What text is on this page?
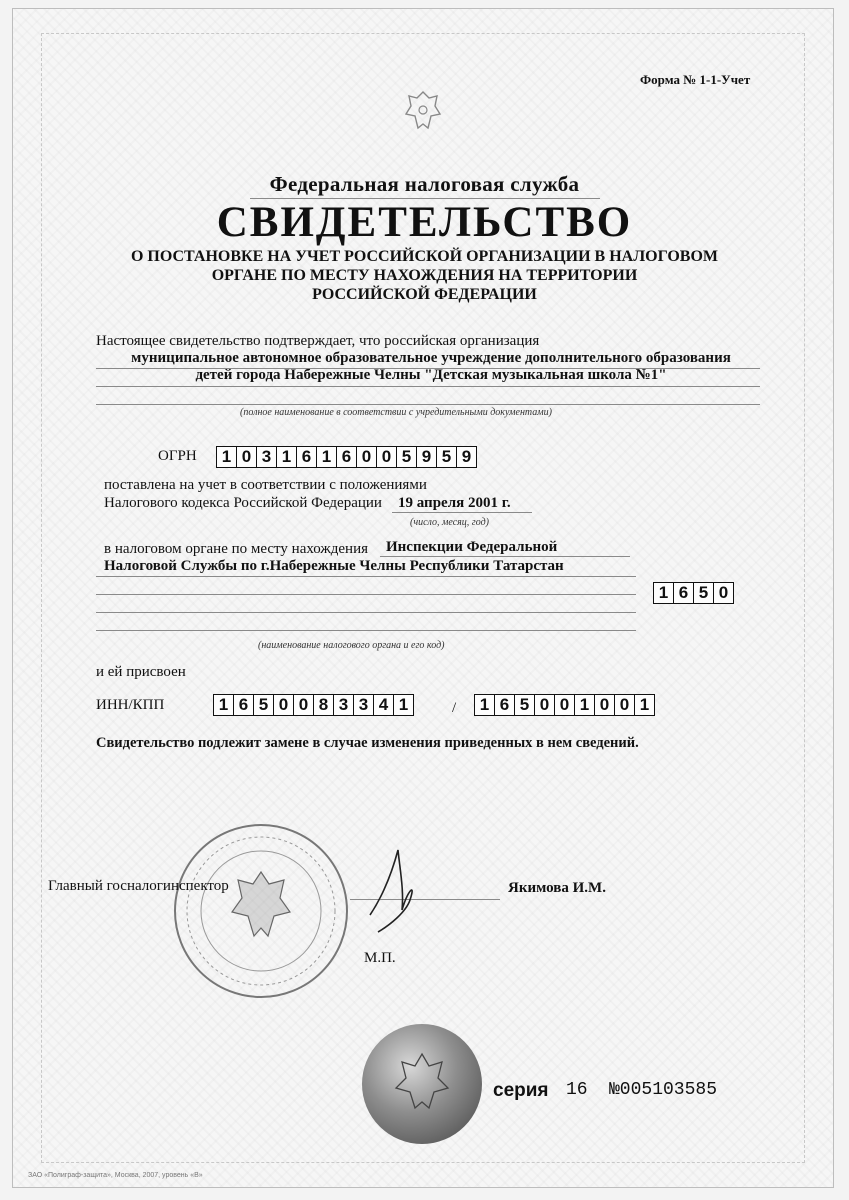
Форма № 1-1-Учет
Федеральная налоговая служба
СВИДЕТЕЛЬСТВО
О ПОСТАНОВКЕ НА УЧЕТ РОССИЙСКОЙ ОРГАНИЗАЦИИ В НАЛОГОВОМ
ОРГАНЕ ПО МЕСТУ НАХОЖДЕНИЯ НА ТЕРРИТОРИИ
РОССИЙСКОЙ ФЕДЕРАЦИИ
Настоящее свидетельство подтверждает, что российская организация
муниципальное автономное образовательное учреждение дополнительного образования
детей города Набережные Челны "Детская музыкальная школа №1"
(полное наименование в соответствии с учредительными документами)
ОГРН 1 0 3 1 6 1 6 0 0 5 9 5 9
поставлена на учет в соответствии с положениями
Налогового кодекса Российской Федерации 19 апреля 2001 г.
(число, месяц, год)
в налоговом органе по месту нахождения Инспекции Федеральной
Налоговой Службы по г.Набережные Челны Республики Татарстан
1 6 5 0
(наименование налогового органа и его код)
и ей присвоен
ИНН/КПП	1 6 5 0 0 8 3 3 4 1	/ 1 6 5 0 0 1 0 0 1
Свидетельство подлежит замене в случае изменения приведенных в нем сведений.
Главный госналогинспектор	Якимова И.М.
М.П.
серия 16 №005103585
ЗАО «Полиграф-защита», Москва, 2007, уровень «В»
